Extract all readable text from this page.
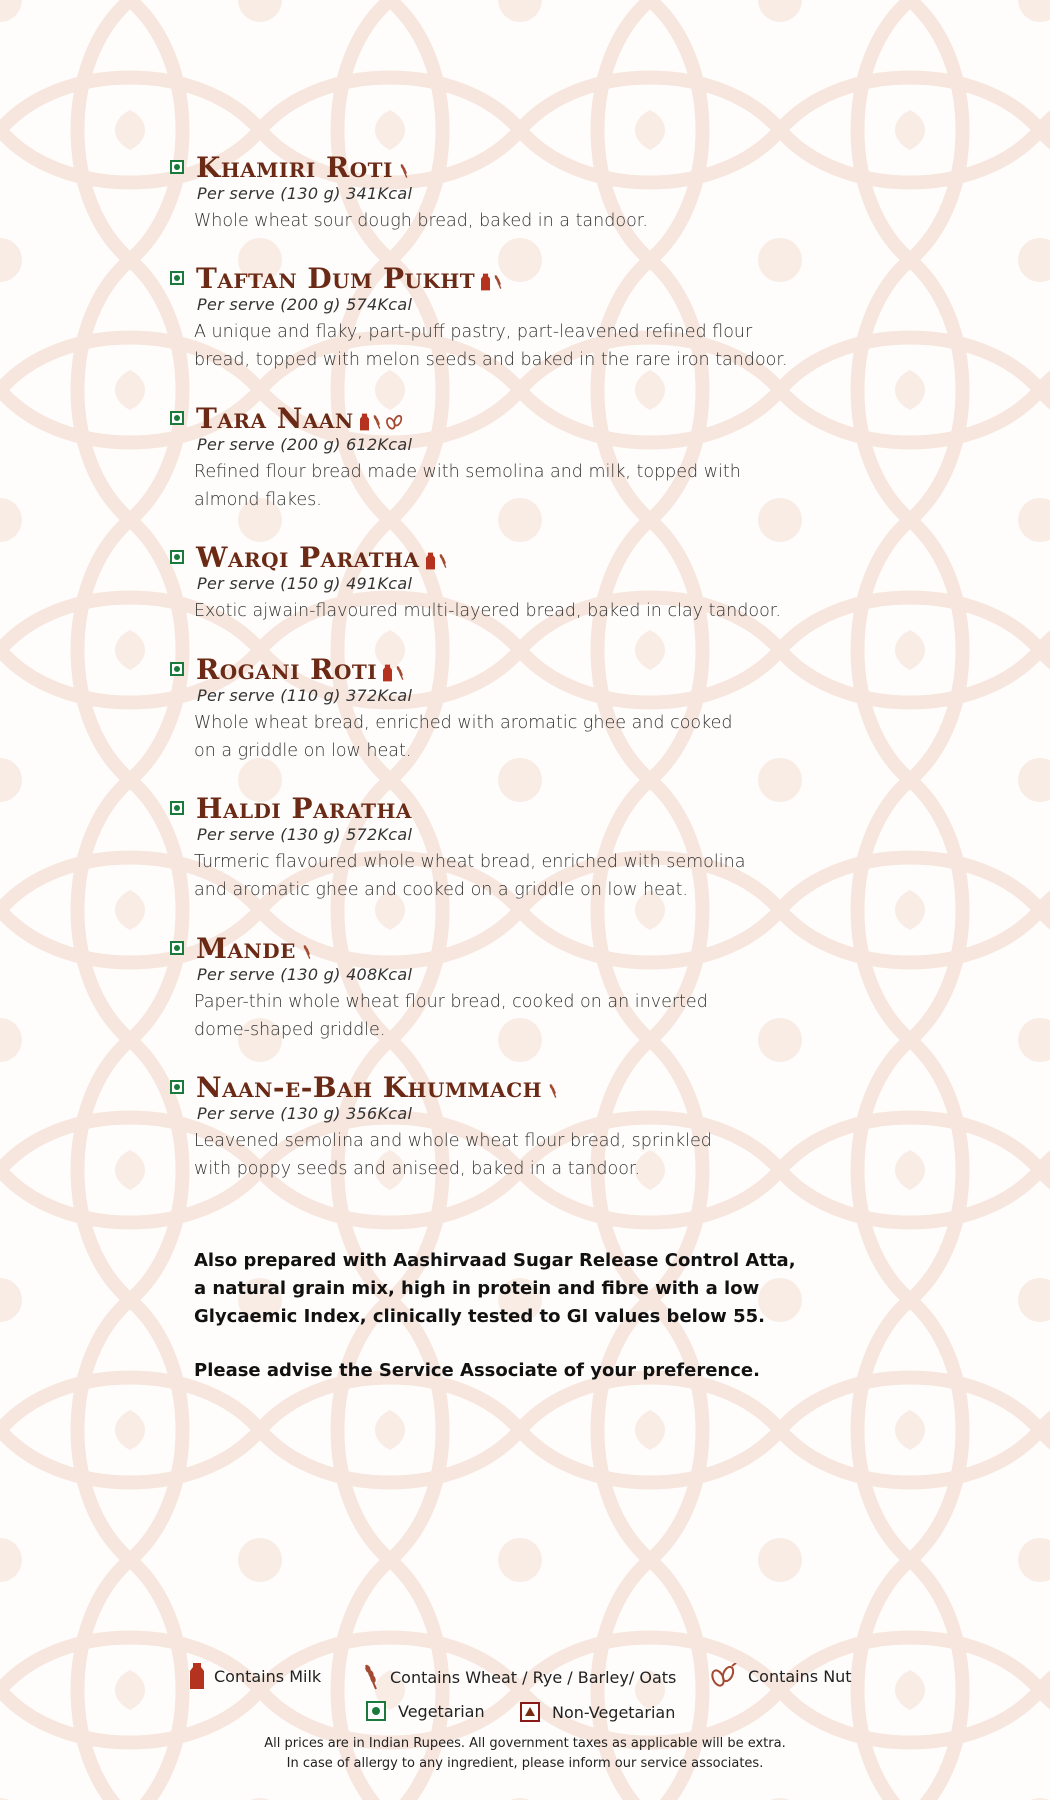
Khamiri Roti
Per serve (130 g) 341Kcal

Whole wheat sour dough bread, baked in a tandoor.

Taftan Dum Pukht
Per serve (200 g) 574Kcal

A unique and flaky, part-puff pastry, part-leavened refined flour
bread, topped with melon seeds and baked in the rare iron tandoor.

Tara Naan
Per serve (200 g) 612Kcal

Refined flour bread made with semolina and milk, topped with
almond flakes.

Warqi Paratha
Per serve (150 g) 491Kcal

Exotic ajwain-flavoured multi-layered bread, baked in clay tandoor.

Rogani Roti
Per serve (110 g) 372Kcal

Whole wheat bread, enriched with aromatic ghee and cooked
on a griddle on low heat.

Haldi Paratha
Per serve (130 g) 572Kcal

Turmeric flavoured whole wheat bread, enriched with semolina
and aromatic ghee and cooked on a griddle on low heat.

Mande
Per serve (130 g) 408Kcal

Paper-thin whole wheat flour bread, cooked on an inverted
dome-shaped griddle.

Naan-e-Bah Khummach
Per serve (130 g) 356Kcal

Leavened semolina and whole wheat flour bread, sprinkled
with poppy seeds and aniseed, baked in a tandoor.

Also prepared with Aashirvaad Sugar Release Control Atta,
a natural grain mix, high in protein and fibre with a low
Glycaemic Index, clinically tested to GI values below 55.
Please advise the Service Associate of your preference.
Contains Milk	Contains Wheat / Rye / Barley/ Oats	Contains Nut
Vegetarian	Non-Vegetarian
All prices are in Indian Rupees. All government taxes as applicable will be extra.
In case of allergy to any ingredient, please inform our service associates.
